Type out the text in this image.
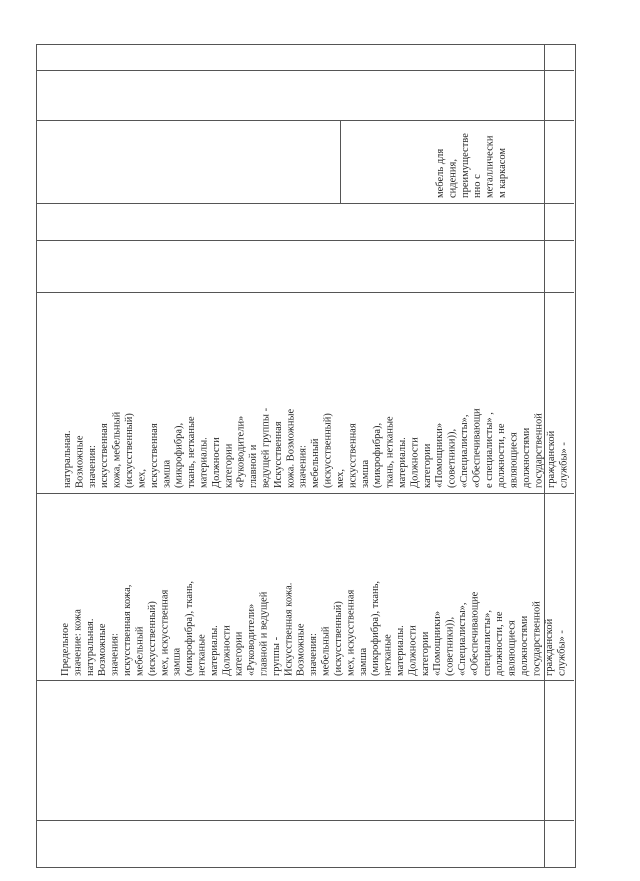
мебель для
сидения,
преимуществе
нно с
металлически
м каркасом
натуральная.
Возможные
значения:
искусственная
кожа, мебельный
(искусственный)
мех,
искусственная
замша
(микрофибра),
ткань, нетканые
материалы.
Должности
категории
«Руководители»
главной и
ведущей группы -
Искусственная
кожа. Возможные
значения:
мебельный
(искусственный)
мех,
искусственная
замша
(микрофибра),
ткань, нетканые
материалы.
Должности
категории
«Помощники»
(советники)),
«Специалисты»,
«Обеспечивающи
е специалисты» ,
должности, не
являющиеся
должностями
государственной
гражданской
службы» -
Предельное
значение: кожа
натуральная.
Возможные
значения:
искусственная кожа,
мебельный
(искусственный)
мех, искусственная
замша
(микрофибра), ткань,
нетканые
материалы.
Должности
категории
«Руководители»
главной и ведущей
группы -
Искусственная кожа.
Возможные
значения:
мебельный
(искусственный)
мех, искусственная
замша
(микрофибра), ткань,
нетканые
материалы.
Должности
категории
«Помощники»
(советники)),
«Специалисты»,
«Обеспечивающие
специалисты»,
должности, не
являющиеся
должностями
государственной
гражданской
службы» -
